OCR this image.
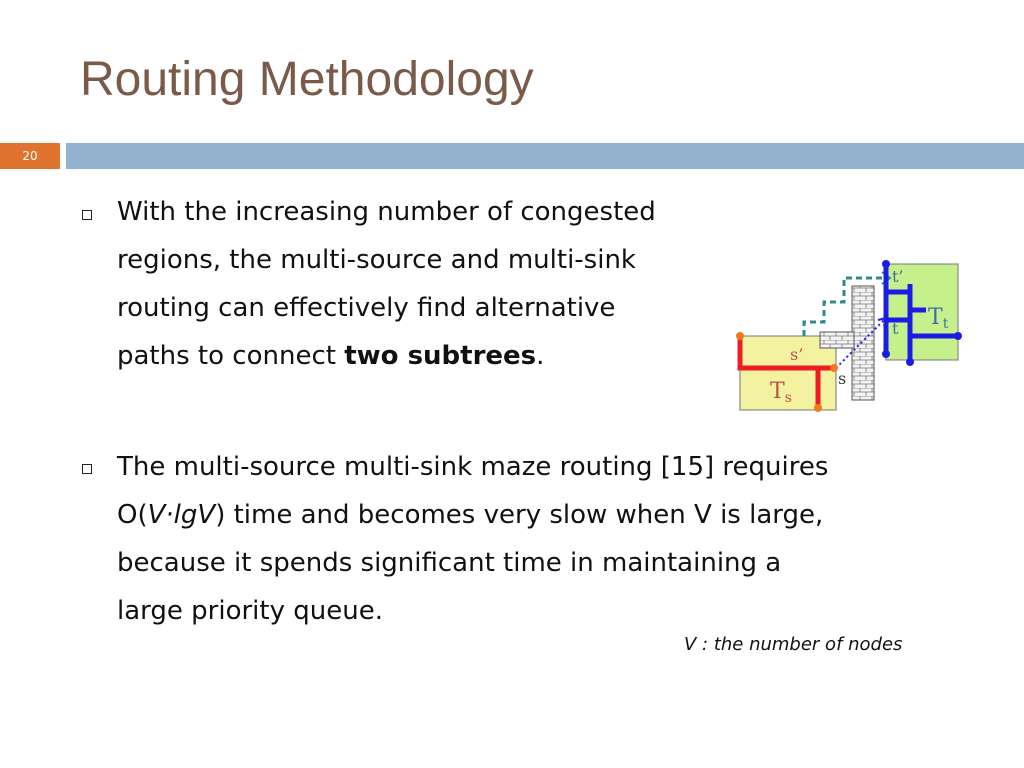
Routing Methodology
20
With the increasing number of congested
regions, the multi-source and multi-sink
routing can effectively find alternative
paths to connect two subtrees.
The multi-source multi-sink maze routing [15] requires
O(V·lgV) time and becomes very slow when V is large,
because it spends significant time in maintaining a
large priority queue.
V : the number of nodes
t’
t Tt
s’
s
Ts
